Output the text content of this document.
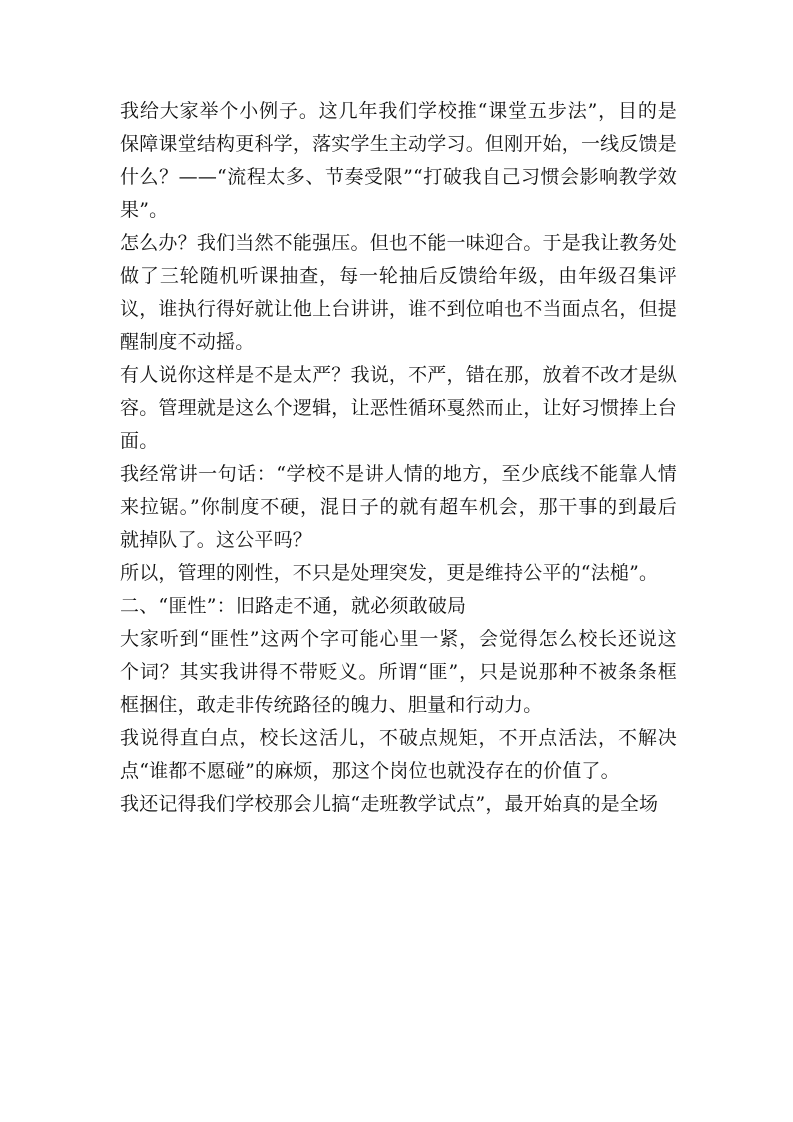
我给大家举个小例子。这几年我们学校推“课堂五步法”，目的是保障课堂结构更科学，落实学生主动学习。但刚开始，一线反馈是什么？——“流程太多、节奏受限”“打破我自己习惯会影响教学效果”。

怎么办？我们当然不能强压。但也不能一味迎合。于是我让教务处做了三轮随机听课抽查，每一轮抽后反馈给年级，由年级召集评议，谁执行得好就让他上台讲讲，谁不到位咱也不当面点名，但提醒制度不动摇。

有人说你这样是不是太严？我说，不严，错在那，放着不改才是纵容。管理就是这么个逻辑，让恶性循环戛然而止，让好习惯捧上台面。

我经常讲一句话：“学校不是讲人情的地方，至少底线不能靠人情来拉锯。”你制度不硬，混日子的就有超车机会，那干事的到最后就掉队了。这公平吗？

所以，管理的刚性，不只是处理突发，更是维持公平的“法槌”。

二、“匪性”：旧路走不通，就必须敢破局

大家听到“匪性”这两个字可能心里一紧，会觉得怎么校长还说这个词？其实我讲得不带贬义。所谓“匪”，只是说那种不被条条框框捆住，敢走非传统路径的魄力、胆量和行动力。

我说得直白点，校长这活儿，不破点规矩，不开点活法，不解决点“谁都不愿碰”的麻烦，那这个岗位也就没存在的价值了。

我还记得我们学校那会儿搞“走班教学试点”，最开始真的是全场
